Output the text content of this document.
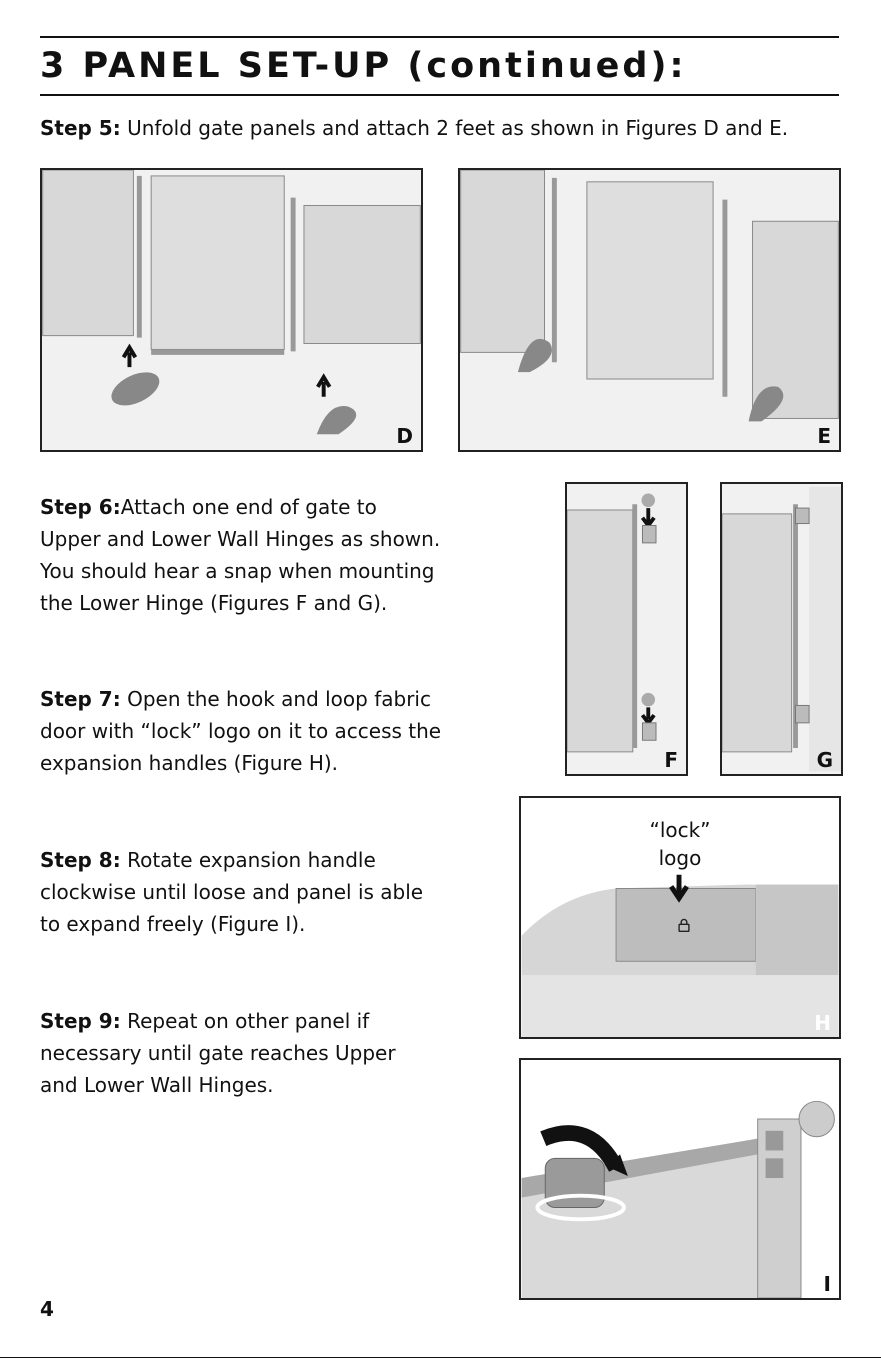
3 PANEL SET-UP (continued):

Step 5: Unfold gate panels and attach 2 feet as shown in Figures D and E.

D	E

Step 6:Attach one end of gate to
Upper and Lower Wall Hinges as shown.
You should hear a snap when mounting
the Lower Hinge (Figures F and G).

F	G

Step 7: Open the hook and loop fabric
door with “lock” logo on it to access the
expansion handles (Figure H).

“lock”
logo
H

Step 8: Rotate expansion handle
clockwise until loose and panel is able
to expand freely (Figure I).

Step 9: Repeat on other panel if
necessary until gate reaches Upper
and Lower Wall Hinges.

I

4
